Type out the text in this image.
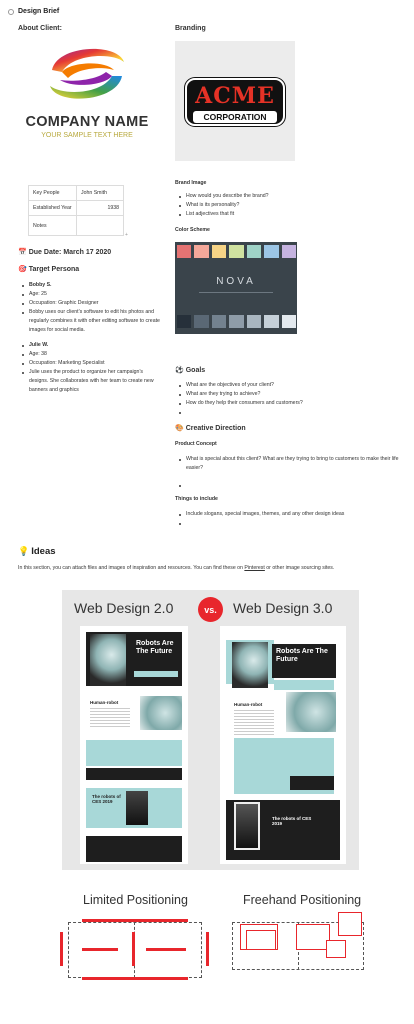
Design Brief
About Client:
COMPANY NAME
YOUR SAMPLE TEXT HERE
Key People	John Smith
Established Year	1938
Notes	
+
Branding
ACME
CORPORATION
Brand Image
How would you describe the brand?
What is its personality?
List adjectives that fit
Color Scheme
NOVA
📅 Due Date: March 17 2020
🎯 Target Persona
Bobby S.
Age: 25
Occupation: Graphic Designer
Bobby uses our client's software to edit his photos and regularly combines it with other editing software to create images for social media.
Julie W.
Age: 38
Occupation: Marketing Specialist
Julie uses the product to organize her campaign's designs. She collaborates with her team to create new banners and graphics
⚽ Goals
What are the objectives of your client?
What are they trying to achieve?
How do they help their consumers and customers?
🎨 Creative Direction
Product Concept
What is special about this client? What are they trying to bring to customers to make their life easier?
Things to include
Include slogans, special images, themes, and any other design ideas
💡 Ideas
In this section, you can attach files and images of inspiration and resources. You can find these on Pinterest or other image sourcing sites.
Web Design 2.0	vs. Web Design 3.0
Robots Are The Future
Human-robot
The robots of CES 2019
Robots Are The Future
Human-robot
The robots of CES 2019
Limited Positioning	Freehand Positioning
